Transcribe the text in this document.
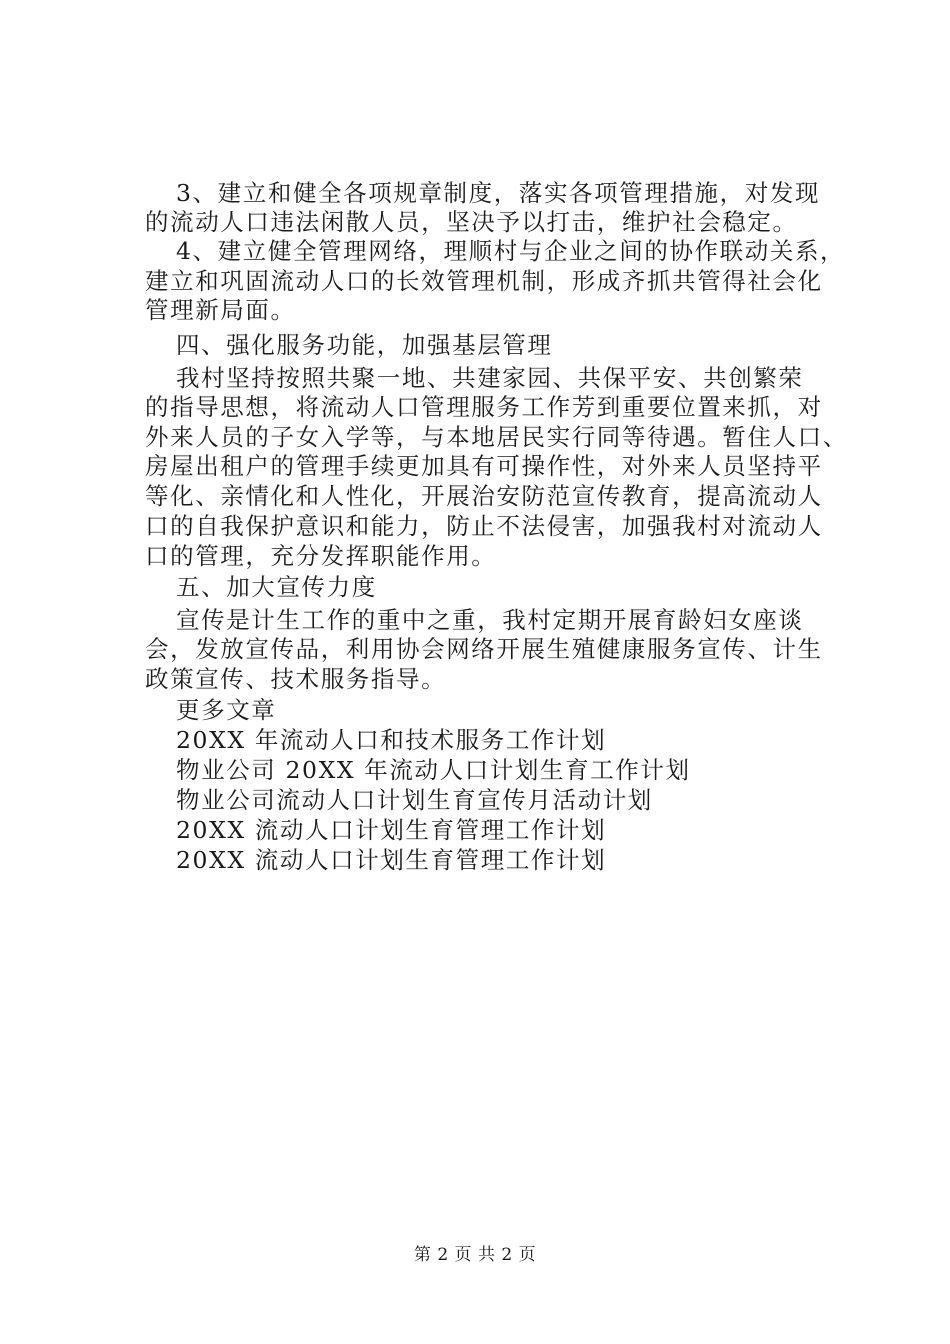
3、建立和健全各项规章制度，落实各项管理措施，对发现
的流动人口违法闲散人员，坚决予以打击，维护社会稳定。
4、建立健全管理网络，理顺村与企业之间的协作联动关系，
建立和巩固流动人口的长效管理机制，形成齐抓共管得社会化
管理新局面。
四、强化服务功能，加强基层管理
我村坚持按照共聚一地、共建家园、共保平安、共创繁荣
的指导思想，将流动人口管理服务工作芳到重要位置来抓，对
外来人员的子女入学等，与本地居民实行同等待遇。暂住人口、
房屋出租户的管理手续更加具有可操作性，对外来人员坚持平
等化、亲情化和人性化，开展治安防范宣传教育，提高流动人
口的自我保护意识和能力，防止不法侵害，加强我村对流动人
口的管理，充分发挥职能作用。
五、加大宣传力度
宣传是计生工作的重中之重，我村定期开展育龄妇女座谈
会，发放宣传品，利用协会网络开展生殖健康服务宣传、计生
政策宣传、技术服务指导。
更多文章
20XX 年流动人口和技术服务工作计划
物业公司 20XX 年流动人口计划生育工作计划
物业公司流动人口计划生育宣传月活动计划
20XX 流动人口计划生育管理工作计划
20XX 流动人口计划生育管理工作计划
第 2 页 共 2 页
